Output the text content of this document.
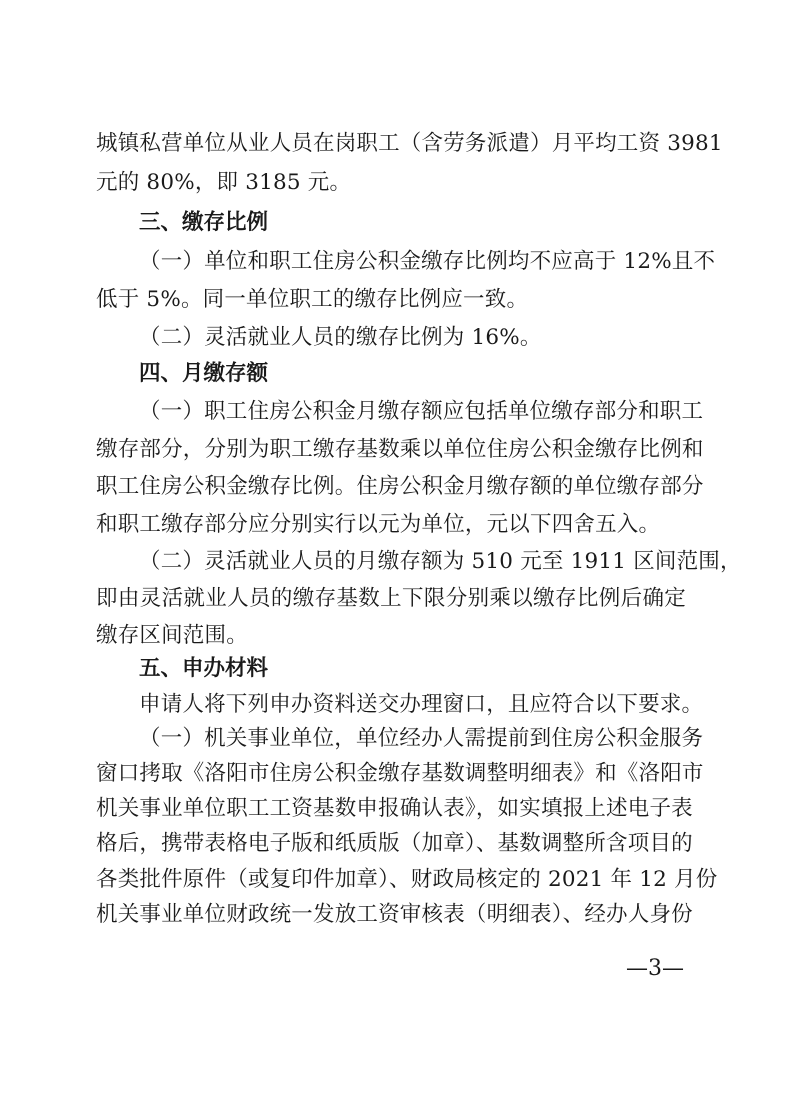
城镇私营单位从业人员在岗职工（含劳务派遣）月平均工资 3981
元的 80%，即 3185 元。
三、缴存比例
（一）单位和职工住房公积金缴存比例均不应高于 12%且不
低于 5%。同一单位职工的缴存比例应一致。
（二）灵活就业人员的缴存比例为 16%。
四、月缴存额
（一）职工住房公积金月缴存额应包括单位缴存部分和职工
缴存部分，分别为职工缴存基数乘以单位住房公积金缴存比例和
职工住房公积金缴存比例。住房公积金月缴存额的单位缴存部分
和职工缴存部分应分别实行以元为单位，元以下四舍五入。
（二）灵活就业人员的月缴存额为 510 元至 1911 区间范围，
即由灵活就业人员的缴存基数上下限分别乘以缴存比例后确定
缴存区间范围。
五、申办材料
申请人将下列申办资料送交办理窗口，且应符合以下要求。
（一）机关事业单位，单位经办人需提前到住房公积金服务
窗口拷取《洛阳市住房公积金缴存基数调整明细表》和《洛阳市
机关事业单位职工工资基数申报确认表》，如实填报上述电子表
格后，携带表格电子版和纸质版（加章）、基数调整所含项目的
各类批件原件（或复印件加章）、财政局核定的 2021 年 12 月份
机关事业单位财政统一发放工资审核表（明细表）、经办人身份
—3—
